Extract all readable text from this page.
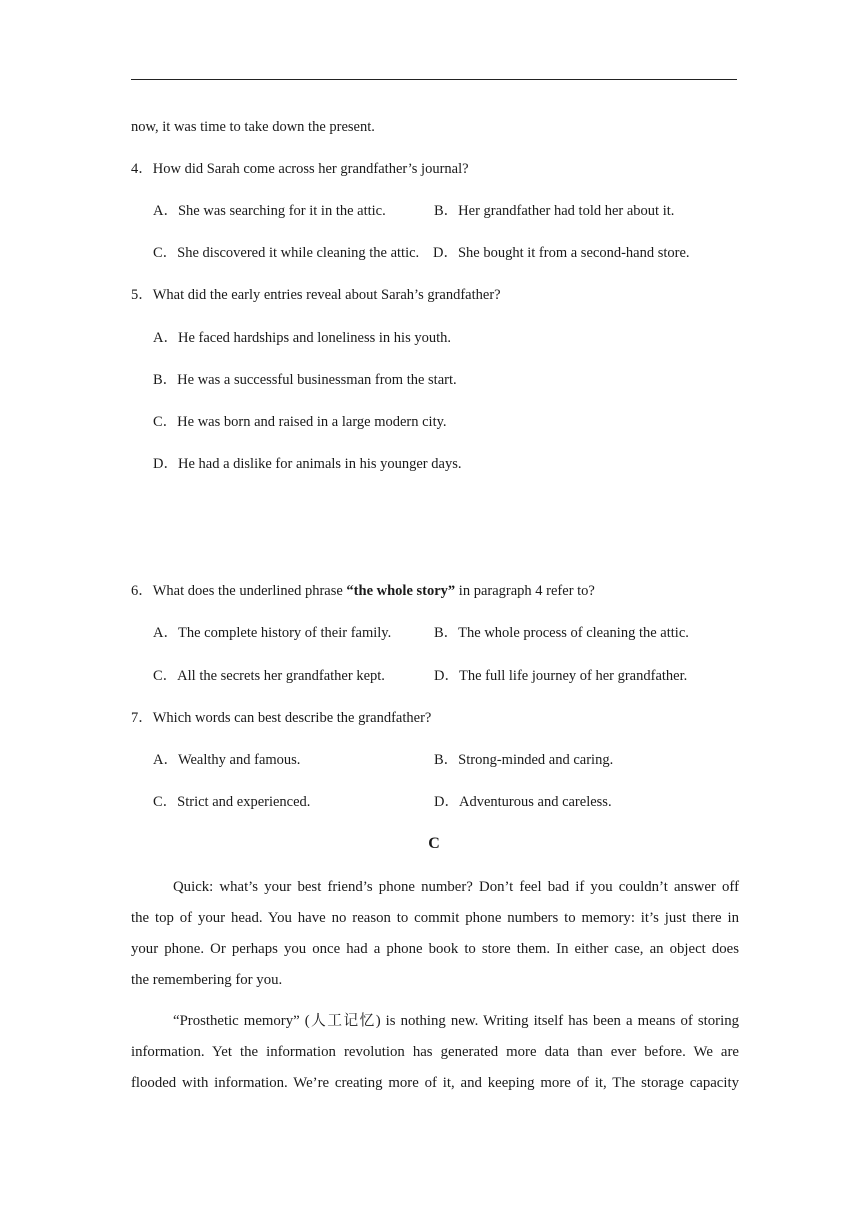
now, it was time to take down the present.
4．How did Sarah come across her grandfather’s journal?
A．She was searching for it in the attic.	B．Her grandfather had told her about it.
C．She discovered it while cleaning the attic. D．She bought it from a second-hand store.
5．What did the early entries reveal about Sarah’s grandfather?
A．He faced hardships and loneliness in his youth.
B．He was a successful businessman from the start.
C．He was born and raised in a large modern city.
D．He had a dislike for animals in his younger days.
6．What does the underlined phrase “the whole story” in paragraph 4 refer to?
A．The complete history of their family.	B．The whole process of cleaning the attic.
C．All the secrets her grandfather kept.	D．The full life journey of her grandfather.
7．Which words can best describe the grandfather?
A．Wealthy and famous.	B．Strong-minded and caring.
C．Strict and experienced.	D．Adventurous and careless.
C
Quick: what’s your best friend’s phone number? Don’t feel bad if you couldn’t answer off
the top of your head. You have no reason to commit phone numbers to memory: it’s just there in
your phone. Or perhaps you once had a phone book to store them. In either case, an object does
the remembering for you.
“Prosthetic memory” (人工记忆) is nothing new. Writing itself has been a means of storing
information. Yet the information revolution has generated more data than ever before. We are
flooded with information. We’re creating more of it, and keeping more of it, The storage capacity
